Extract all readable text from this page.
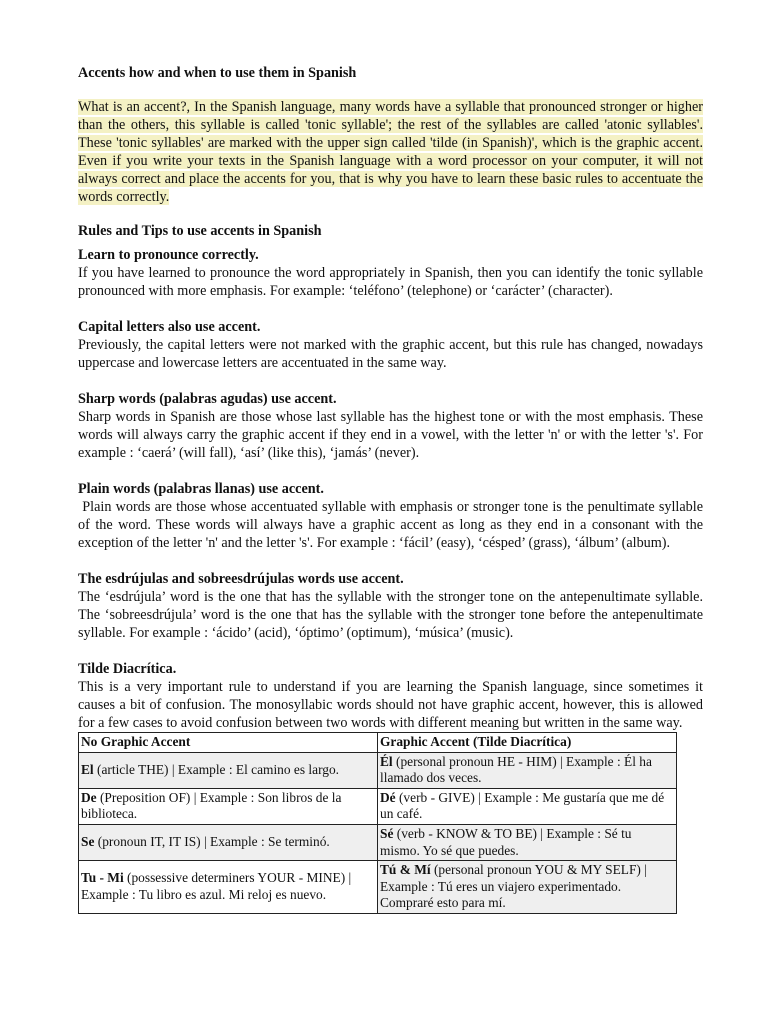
Accents how and when to use them in Spanish
What is an accent?, In the Spanish language, many words have a syllable that pronounced stronger or higher than the others, this syllable is called 'tonic syllable'; the rest of the syllables are called 'atonic syllables'. These 'tonic syllables' are marked with the upper sign called 'tilde (in Spanish)', which is the graphic accent. Even if you write your texts in the Spanish language with a word processor on your computer, it will not always correct and place the accents for you, that is why you have to learn these basic rules to accentuate the words correctly.
Rules and Tips to use accents in Spanish
Learn to pronounce correctly.

If you have learned to pronounce the word appropriately in Spanish, then you can identify the tonic syllable pronounced with more emphasis. For example: ‘teléfono’ (telephone) or ‘carácter’ (character).

Capital letters also use accent.

Previously, the capital letters were not marked with the graphic accent, but this rule has changed, nowadays uppercase and lowercase letters are accentuated in the same way.

Sharp words (palabras agudas) use accent.

Sharp words in Spanish are those whose last syllable has the highest tone or with the most emphasis. These words will always carry the graphic accent if they end in a vowel, with the letter 'n' or with the letter 's'. For example : ‘caerá’ (will fall), ‘así’ (like this), ‘jamás’ (never).

Plain words (palabras llanas) use accent.

Plain words are those whose accentuated syllable with emphasis or stronger tone is the penultimate syllable of the word. These words will always have a graphic accent as long as they end in a consonant with the exception of the letter 'n' and the letter 's'. For example : ‘fácil’ (easy), ‘césped’ (grass), ‘álbum’ (album).

The esdrújulas and sobreesdrújulas words use accent.

The ‘esdrújula’ word is the one that has the syllable with the stronger tone on the antepenultimate syllable. The ‘sobreesdrújula’ word is the one that has the syllable with the stronger tone before the antepenultimate syllable. For example : ‘ácido’ (acid), ‘óptimo’ (optimum), ‘música’ (music).

Tilde Diacrítica.

This is a very important rule to understand if you are learning the Spanish language, since sometimes it causes a bit of confusion. The monosyllabic words should not have graphic accent, however, this is allowed for a few cases to avoid confusion between two words with different meaning but written in the same way.

No Graphic Accent	Graphic Accent (Tilde Diacrítica)
El (article THE) | Example : El camino es largo.	Él (personal pronoun HE - HIM) | Example : Él ha llamado dos veces.
De (Preposition OF) | Example : Son libros de la biblioteca.	Dé (verb - GIVE) | Example : Me gustaría que me dé un café.
Se (pronoun IT, IT IS) | Example : Se terminó.	Sé (verb - KNOW & TO BE) | Example : Sé tu mismo. Yo sé que puedes.
Tu - Mi (possessive determiners YOUR - MINE) | Example : Tu libro es azul. Mi reloj es nuevo.	Tú & Mí (personal pronoun YOU & MY SELF) | Example : Tú eres un viajero experimentado. Compraré esto para mí.
